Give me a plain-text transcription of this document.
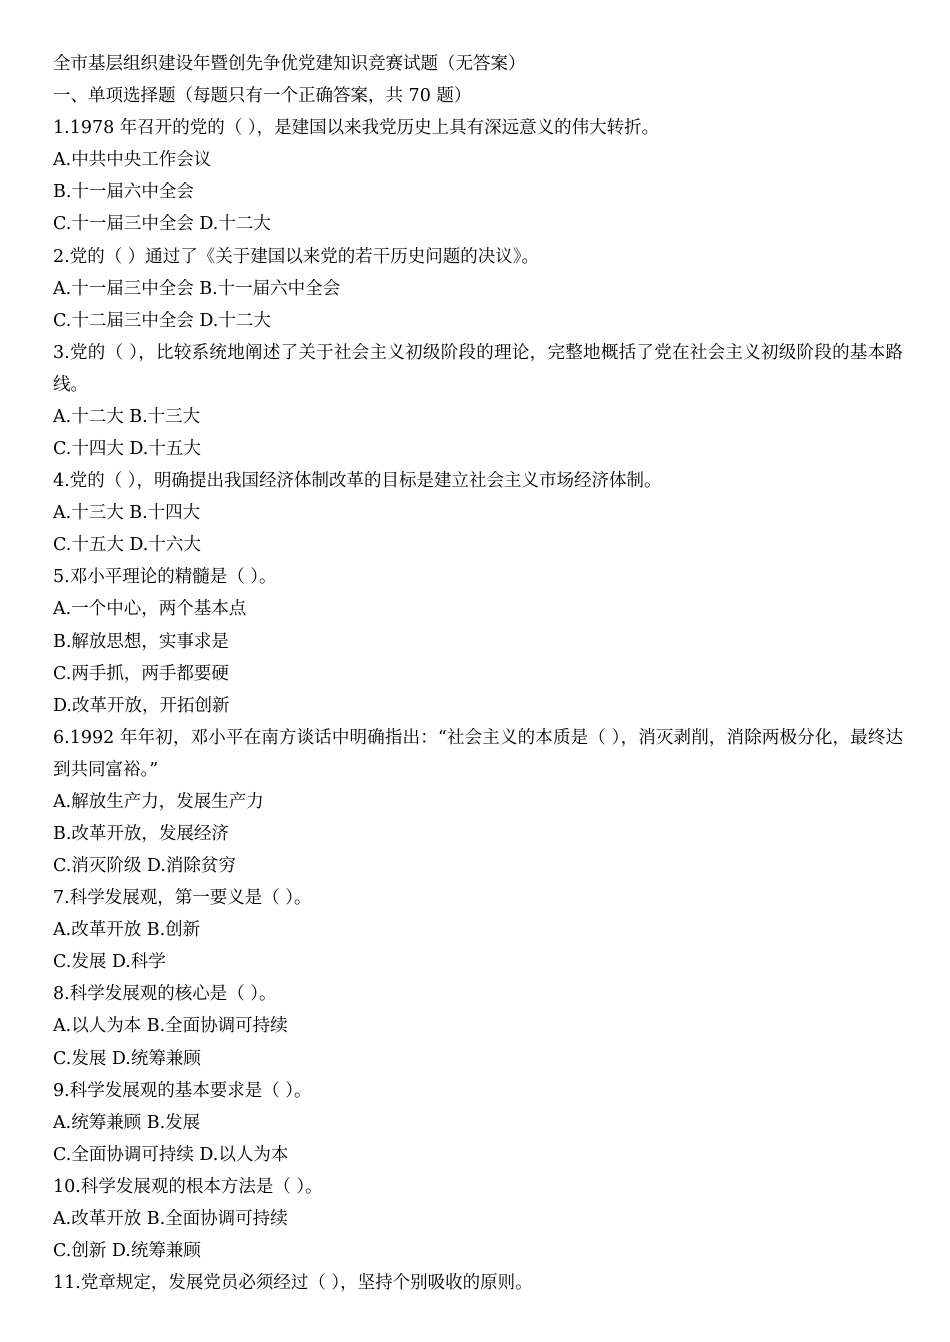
全市基层组织建设年暨创先争优党建知识竞赛试题（无答案）
一、单项选择题（每题只有一个正确答案，共 70 题）
1.1978 年召开的党的（ ），是建国以来我党历史上具有深远意义的伟大转折。
A.中共中央工作会议
B.十一届六中全会
C.十一届三中全会 D.十二大
2.党的（ ）通过了《关于建国以来党的若干历史问题的决议》。
A.十一届三中全会 B.十一届六中全会
C.十二届三中全会 D.十二大
3.党的（ ），比较系统地阐述了关于社会主义初级阶段的理论，完整地概括了党在社会主义初级阶段的基本路线。
A.十二大 B.十三大
C.十四大 D.十五大
4.党的（ ），明确提出我国经济体制改革的目标是建立社会主义市场经济体制。
A.十三大 B.十四大
C.十五大 D.十六大
5.邓小平理论的精髓是（ ）。
A.一个中心，两个基本点
B.解放思想，实事求是
C.两手抓，两手都要硬
D.改革开放，开拓创新
6.1992 年年初，邓小平在南方谈话中明确指出：“社会主义的本质是（ ），消灭剥削，消除两极分化，最终达到共同富裕。”
A.解放生产力，发展生产力
B.改革开放，发展经济
C.消灭阶级 D.消除贫穷
7.科学发展观，第一要义是（ ）。
A.改革开放 B.创新
C.发展 D.科学
8.科学发展观的核心是（ ）。
A.以人为本 B.全面协调可持续
C.发展 D.统筹兼顾
9.科学发展观的基本要求是（ ）。
A.统筹兼顾 B.发展
C.全面协调可持续 D.以人为本
10.科学发展观的根本方法是（ ）。
A.改革开放 B.全面协调可持续
C.创新 D.统筹兼顾
11.党章规定，发展党员必须经过（ ），坚持个别吸收的原则。
